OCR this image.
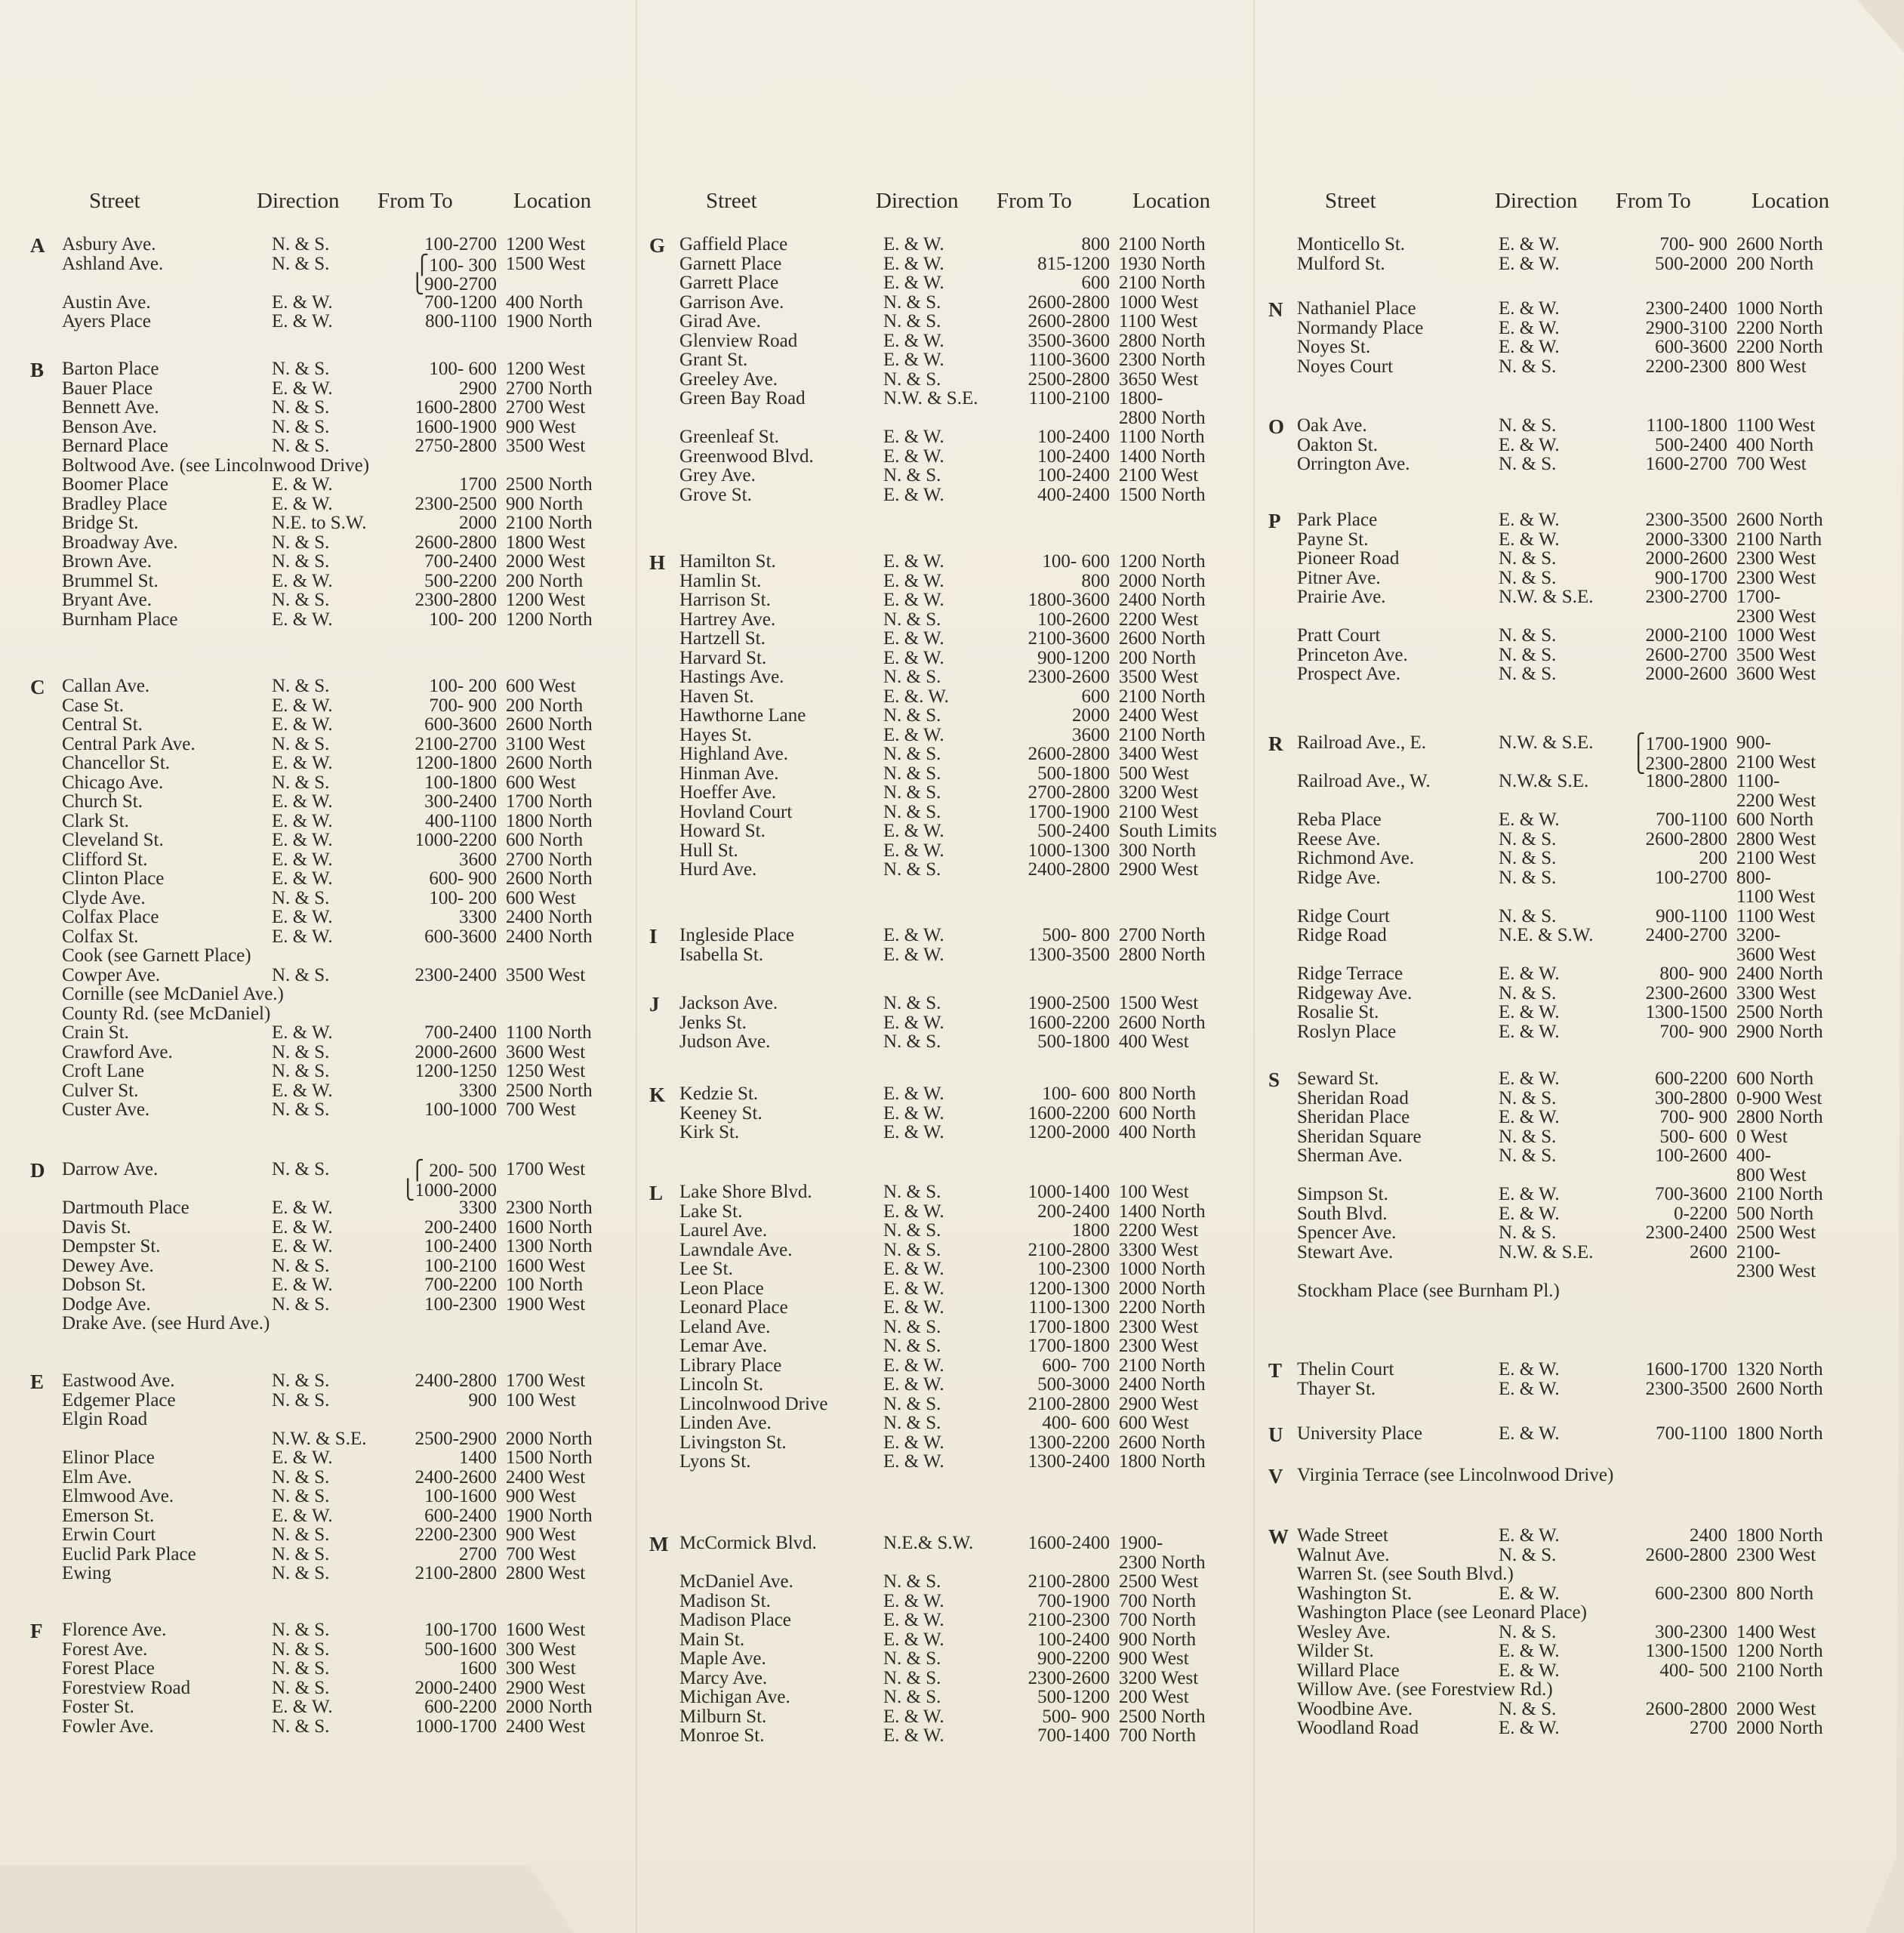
Street	Direction From To	Location
A Asbury Ave.	N. & S.	100-2700 1200 West
Ashland Ave.	N. & S.	⎧100- 300 1500 West
⎩900-2700
Austin Ave.	E. & W.	700-1200 400 North
Ayers Place	E. & W.	800-1100 1900 North
B Barton Place	N. & S.	100- 600 1200 West
Bauer Place	E. & W.	2900 2700 North
Bennett Ave.	N. & S.	1600-2800 2700 West
Benson Ave.	N. & S.	1600-1900 900 West
Bernard Place	N. & S.	2750-2800 3500 West
Boltwood Ave. (see Lincolnwood Drive)
Boomer Place	E. & W.	1700 2500 North
Bradley Place	E. & W.	2300-2500 900 North
Bridge St.	N.E. to S.W.	2000 2100 North
Broadway Ave.	N. & S.	2600-2800 1800 West
Brown Ave.	N. & S.	700-2400 2000 West
Brummel St.	E. & W.	500-2200 200 North
Bryant Ave.	N. & S.	2300-2800 1200 West
Burnham Place	E. & W.	100- 200 1200 North
C Callan Ave.	N. & S.	100- 200 600 West
Case St.	E. & W.	700- 900 200 North
Central St.	E. & W.	600-3600 2600 North
Central Park Ave.	N. & S.	2100-2700 3100 West
Chancellor St.	E. & W.	1200-1800 2600 North
Chicago Ave.	N. & S.	100-1800 600 West
Church St.	E. & W.	300-2400 1700 North
Clark St.	E. & W.	400-1100 1800 North
Cleveland St.	E. & W.	1000-2200 600 North
Clifford St.	E. & W.	3600 2700 North
Clinton Place	E. & W.	600- 900 2600 North
Clyde Ave.	N. & S.	100- 200 600 West
Colfax Place	E. & W.	3300 2400 North
Colfax St.	E. & W.	600-3600 2400 North
Cook (see Garnett Place)
Cowper Ave.	N. & S.	2300-2400 3500 West
Cornille (see McDaniel Ave.)
County Rd. (see McDaniel)
Crain St.	E. & W.	700-2400 1100 North
Crawford Ave.	N. & S.	2000-2600 3600 West
Croft Lane	N. & S.	1200-1250 1250 West
Culver St.	E. & W.	3300 2500 North
Custer Ave.	N. & S.	100-1000 700 West
D Darrow Ave.	N. & S.	⎧ 200- 500 1700 West
⎩1000-2000
Dartmouth Place	E. & W.	3300 2300 North
Davis St.	E. & W.	200-2400 1600 North
Dempster St.	E. & W.	100-2400 1300 North
Dewey Ave.	N. & S.	100-2100 1600 West
Dobson St.	E. & W.	700-2200 100 North
Dodge Ave.	N. & S.	100-2300 1900 West
Drake Ave. (see Hurd Ave.)
E Eastwood Ave.	N. & S.	2400-2800 1700 West
Edgemer Place	N. & S.	900 100 West
Elgin Road
N.W. & S.E.	2500-2900 2000 North
Elinor Place	E. & W.	1400 1500 North
Elm Ave.	N. & S.	2400-2600 2400 West
Elmwood Ave.	N. & S.	100-1600 900 West
Emerson St.	E. & W.	600-2400 1900 North
Erwin Court	N. & S.	2200-2300 900 West
Euclid Park Place	N. & S.	2700 700 West
Ewing	N. & S.	2100-2800 2800 West
F Florence Ave.	N. & S.	100-1700 1600 West
Forest Ave.	N. & S.	500-1600 300 West
Forest Place	N. & S.	1600 300 West
Forestview Road	N. & S.	2000-2400 2900 West
Foster St.	E. & W.	600-2200 2000 North
Fowler Ave.	N. & S.	1000-1700 2400 West
Street	Direction From To	Location
G Gaffield Place	E. & W.	800 2100 North
Garnett Place	E. & W.	815-1200 1930 North
Garrett Place	E. & W.	600 2100 North
Garrison Ave.	N. & S.	2600-2800 1000 West
Girad Ave.	N. & S.	2600-2800 1100 West
Glenview Road	E. & W.	3500-3600 2800 North
Grant St.	E. & W.	1100-3600 2300 North
Greeley Ave.	N. & S.	2500-2800 3650 West
Green Bay Road	N.W. & S.E.	1100-2100 1800-
2800 North
Greenleaf St.	E. & W.	100-2400 1100 North
Greenwood Blvd.	E. & W.	100-2400 1400 North
Grey Ave.	N. & S.	100-2400 2100 West
Grove St.	E. & W.	400-2400 1500 North
H Hamilton St.	E. & W.	100- 600 1200 North
Hamlin St.	E. & W.	800 2000 North
Harrison St.	E. & W.	1800-3600 2400 North
Hartrey Ave.	N. & S.	100-2600 2200 West
Hartzell St.	E. & W.	2100-3600 2600 North
Harvard St.	E. & W.	900-1200 200 North
Hastings Ave.	N. & S.	2300-2600 3500 West
Haven St.	E. &. W.	600 2100 North
Hawthorne Lane	N. & S.	2000 2400 West
Hayes St.	E. & W.	3600 2100 North
Highland Ave.	N. & S.	2600-2800 3400 West
Hinman Ave.	N. & S.	500-1800 500 West
Hoeffer Ave.	N. & S.	2700-2800 3200 West
Hovland Court	N. & S.	1700-1900 2100 West
Howard St.	E. & W.	500-2400 South Limits
Hull St.	E. & W.	1000-1300 300 North
Hurd Ave.	N. & S.	2400-2800 2900 West
I Ingleside Place	E. & W.	500- 800 2700 North
Isabella St.	E. & W.	1300-3500 2800 North
J Jackson Ave.	N. & S.	1900-2500 1500 West
Jenks St.	E. & W.	1600-2200 2600 North
Judson Ave.	N. & S.	500-1800 400 West
K Kedzie St.	E. & W.	100- 600 800 North
Keeney St.	E. & W.	1600-2200 600 North
Kirk St.	E. & W.	1200-2000 400 North
L Lake Shore Blvd.	N. & S.	1000-1400 100 West
Lake St.	E. & W.	200-2400 1400 North
Laurel Ave.	N. & S.	1800 2200 West
Lawndale Ave.	N. & S.	2100-2800 3300 West
Lee St.	E. & W.	100-2300 1000 North
Leon Place	E. & W.	1200-1300 2000 North
Leonard Place	E. & W.	1100-1300 2200 North
Leland Ave.	N. & S.	1700-1800 2300 West
Lemar Ave.	N. & S.	1700-1800 2300 West
Library Place	E. & W.	600- 700 2100 North
Lincoln St.	E. & W.	500-3000 2400 North
Lincolnwood Drive	N. & S.	2100-2800 2900 West
Linden Ave.	N. & S.	400- 600 600 West
Livingston St.	E. & W.	1300-2200 2600 North
Lyons St.	E. & W.	1300-2400 1800 North
M McCormick Blvd.	N.E.& S.W.	1600-2400 1900-
2300 North
McDaniel Ave.	N. & S.	2100-2800 2500 West
Madison St.	E. & W.	700-1900 700 North
Madison Place	E. & W.	2100-2300 700 North
Main St.	E. & W.	100-2400 900 North
Maple Ave.	N. & S.	900-2200 900 West
Marcy Ave.	N. & S.	2300-2600 3200 West
Michigan Ave.	N. & S.	500-1200 200 West
Milburn St.	E. & W.	500- 900 2500 North
Monroe St.	E. & W.	700-1400 700 North
Street	Direction From To	Location
Monticello St.	E. & W.	700- 900 2600 North
Mulford St.	E. & W.	500-2000 200 North
N Nathaniel Place	E. & W.	2300-2400 1000 North
Normandy Place	E. & W.	2900-3100 2200 North
Noyes St.	E. & W.	600-3600 2200 North
Noyes Court	N. & S.	2200-2300 800 West
O Oak Ave.	N. & S.	1100-1800 1100 West
Oakton St.	E. & W.	500-2400 400 North
Orrington Ave.	N. & S.	1600-2700 700 West
P Park Place	E. & W.	2300-3500 2600 North
Payne St.	E. & W.	2000-3300 2100 Narth
Pioneer Road	N. & S.	2000-2600 2300 West
Pitner Ave.	N. & S.	900-1700 2300 West
Prairie Ave.	N.W. & S.E.	2300-2700 1700-
2300 West
Pratt Court	N. & S.	2000-2100 1000 West
Princeton Ave.	N. & S.	2600-2700 3500 West
Prospect Ave.	N. & S.	2000-2600 3600 West
R Railroad Ave., E.	N.W. & S.E. ⎧1700-1900 900-
⎩2300-2800 2100 West
Railroad Ave., W.	N.W.& S.E.	1800-2800 1100-
2200 West
Reba Place	E. & W.	700-1100 600 North
Reese Ave.	N. & S.	2600-2800 2800 West
Richmond Ave.	N. & S.	200 2100 West
Ridge Ave.	N. & S.	100-2700 800-
1100 West
Ridge Court	N. & S.	900-1100 1100 West
Ridge Road	N.E. & S.W.	2400-2700 3200-
3600 West
Ridge Terrace	E. & W.	800- 900 2400 North
Ridgeway Ave.	N. & S.	2300-2600 3300 West
Rosalie St.	E. & W.	1300-1500 2500 North
Roslyn Place	E. & W.	700- 900 2900 North
S Seward St.	E. & W.	600-2200 600 North
Sheridan Road	N. & S.	300-2800 0-900 West
Sheridan Place	E. & W.	700- 900 2800 North
Sheridan Square	N. & S.	500- 600 0 West
Sherman Ave.	N. & S.	100-2600 400-
800 West
Simpson St.	E. & W.	700-3600 2100 North
South Blvd.	E. & W.	0-2200 500 North
Spencer Ave.	N. & S.	2300-2400 2500 West
Stewart Ave.	N.W. & S.E.	2600 2100-
2300 West
Stockham Place (see Burnham Pl.)
T Thelin Court	E. & W.	1600-1700 1320 North
Thayer St.	E. & W.	2300-3500 2600 North
U University Place	E. & W.	700-1100 1800 North
V Virginia Terrace (see Lincolnwood Drive)
W Wade Street	E. & W.	2400 1800 North
Walnut Ave.	N. & S.	2600-2800 2300 West
Warren St. (see South Blvd.)
Washington St.	E. & W.	600-2300 800 North
Washington Place (see Leonard Place)
Wesley Ave.	N. & S.	300-2300 1400 West
Wilder St.	E. & W.	1300-1500 1200 North
Willard Place	E. & W.	400- 500 2100 North
Willow Ave. (see Forestview Rd.)
Woodbine Ave.	N. & S.	2600-2800 2000 West
Woodland Road	E. & W.	2700 2000 North
